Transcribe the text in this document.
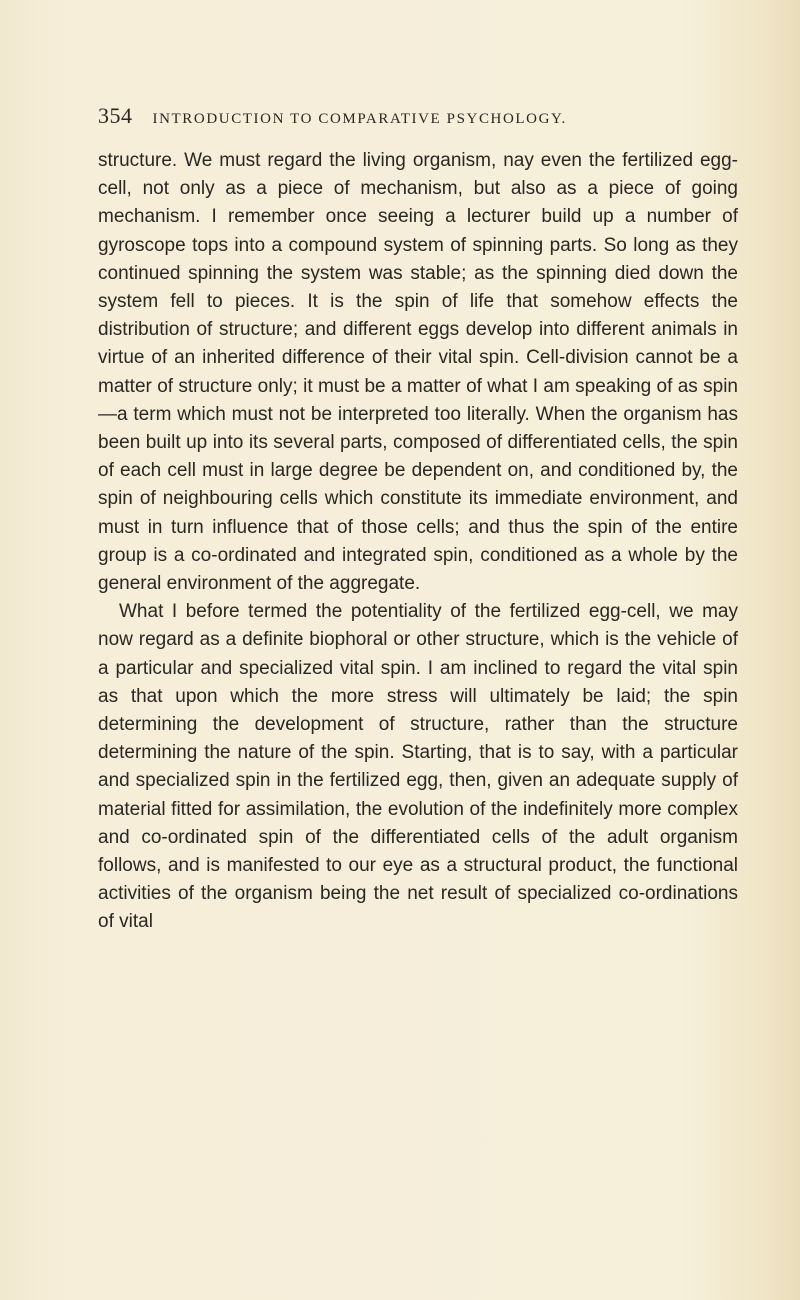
354 INTRODUCTION TO COMPARATIVE PSYCHOLOGY.

structure. We must regard the living organism, nay even the fertilized egg-cell, not only as a piece of mechanism, but also as a piece of going mechanism. I remember once seeing a lecturer build up a number of gyroscope tops into a compound system of spinning parts. So long as they continued spinning the system was stable; as the spinning died down the system fell to pieces. It is the spin of life that somehow effects the distribution of structure; and different eggs develop into different animals in virtue of an inherited difference of their vital spin. Cell-division cannot be a matter of structure only; it must be a matter of what I am speaking of as spin—a term which must not be interpreted too literally. When the organism has been built up into its several parts, composed of differentiated cells, the spin of each cell must in large degree be dependent on, and conditioned by, the spin of neighbouring cells which constitute its immediate environment, and must in turn influence that of those cells; and thus the spin of the entire group is a co-ordinated and integrated spin, conditioned as a whole by the general environment of the aggregate.

What I before termed the potentiality of the fertilized egg-cell, we may now regard as a definite biophoral or other structure, which is the vehicle of a particular and specialized vital spin. I am inclined to regard the vital spin as that upon which the more stress will ultimately be laid; the spin determining the development of structure, rather than the structure determining the nature of the spin. Starting, that is to say, with a particular and specialized spin in the fertilized egg, then, given an adequate supply of material fitted for assimilation, the evolution of the indefinitely more complex and co-ordinated spin of the differentiated cells of the adult organism follows, and is manifested to our eye as a structural product, the functional activities of the organism being the net result of specialized co-ordinations of vital
